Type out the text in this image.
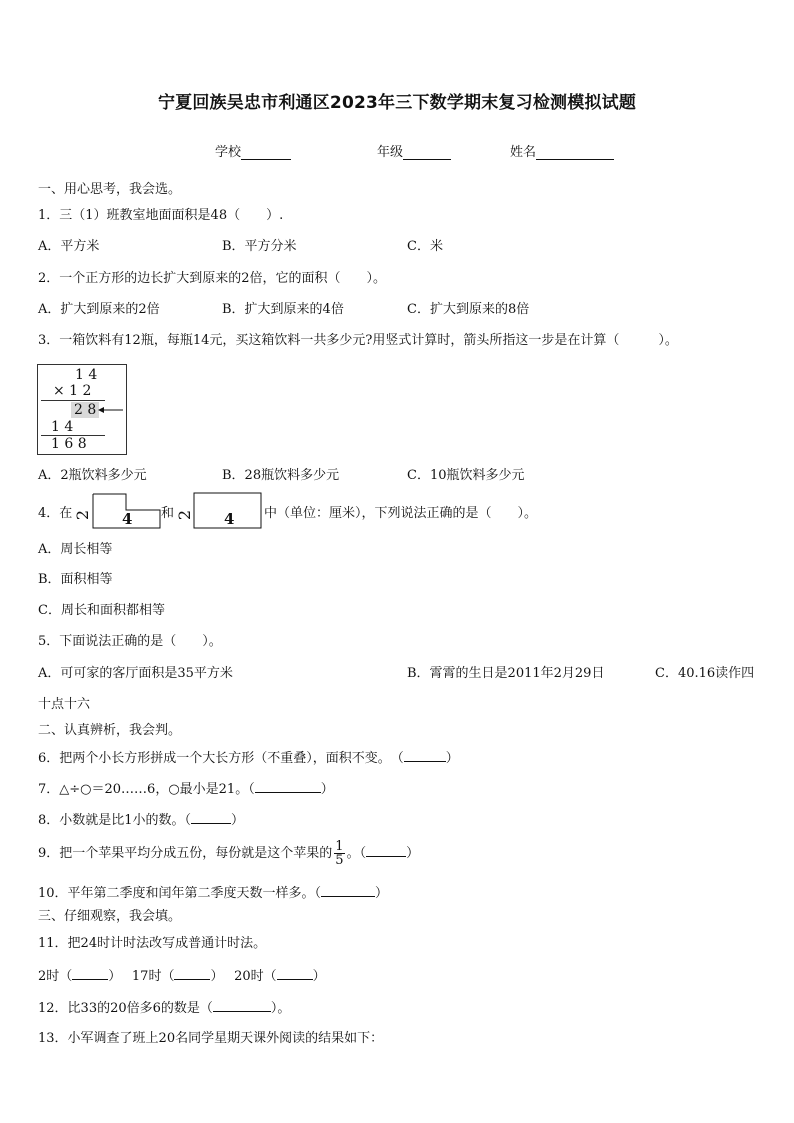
宁夏回族吴忠市利通区2023年三下数学期末复习检测模拟试题
学校	年级	姓名
一、用心思考，我会选。
1．三（1）班教室地面面积是48（　　）.
A．平方米	B．平方分米	C．米
2．一个正方形的边长扩大到原来的2倍，它的面积（　　）。
A．扩大到原来的2倍	B．扩大到原来的4倍	C．扩大到原来的8倍
3．一箱饮料有12瓶，每瓶14元，买这箱饮料一共多少元?用竖式计算时，箭头所指这一步是在计算（　　　）。
1 4
× 1 2
2 8
1 4
1 6 8
A．2瓶饮料多少元	B．28瓶饮料多少元	C．10瓶饮料多少元
4．在 2 4 和 2 4 中（单位：厘米），下列说法正确的是（　　）。
A．周长相等
B．面积相等
C．周长和面积都相等
5．下面说法正确的是（　　）。
A．可可家的客厅面积是35平方米	B．霄霄的生日是2011年2月29日	C．40.16读作四
十点十六
二、认真辨析，我会判。
6．把两个小长方形拼成一个大长方形（不重叠），面积不变。　（	）
7．△÷○＝20……6，○最小是21。（	）
8．小数就是比1小的数。（	）
9．把一个苹果平均分成五份，每份就是这个苹果的 $\frac{1}{5}$ 。（	）
10．平年第二季度和闰年第二季度天数一样多。（	）
三、仔细观察，我会填。
11．把24时计时法改写成普通计时法。
2时（	）　 17时（	）　 20时（	）
12．比33的20倍多6的数是（	）。
13．小军调查了班上20名同学星期天课外阅读的结果如下：
